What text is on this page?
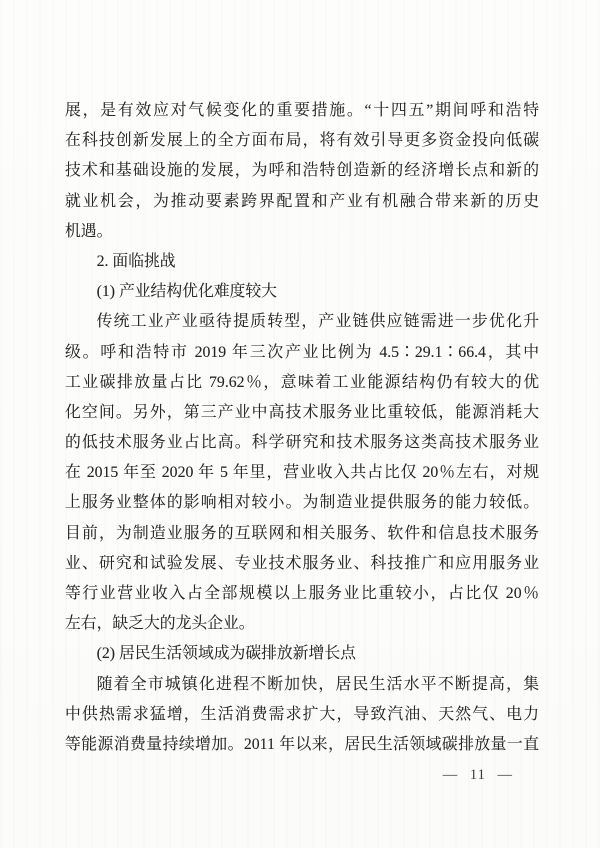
展，是有效应对气候变化的重要措施。“十四五”期间呼和浩特
在科技创新发展上的全方面布局，将有效引导更多资金投向低碳
技术和基础设施的发展，为呼和浩特创造新的经济增长点和新的
就业机会，为推动要素跨界配置和产业有机融合带来新的历史
机遇。
2. 面临挑战
(1) 产业结构优化难度较大
传统工业产业亟待提质转型，产业链供应链需进一步优化升
级。呼和浩特市 2019 年三次产业比例为 4.5∶29.1∶66.4，其中
工业碳排放量占比 79.62％，意味着工业能源结构仍有较大的优
化空间。另外，第三产业中高技术服务业比重较低，能源消耗大
的低技术服务业占比高。科学研究和技术服务这类高技术服务业
在 2015 年至 2020 年 5 年里，营业收入共占比仅 20％左右，对规
上服务业整体的影响相对较小。为制造业提供服务的能力较低。
目前，为制造业服务的互联网和相关服务、软件和信息技术服务
业、研究和试验发展、专业技术服务业、科技推广和应用服务业
等行业营业收入占全部规模以上服务业比重较小，占比仅 20％
左右，缺乏大的龙头企业。
(2) 居民生活领域成为碳排放新增长点
随着全市城镇化进程不断加快，居民生活水平不断提高，集
中供热需求猛增，生活消费需求扩大，导致汽油、天然气、电力
等能源消费量持续增加。2011 年以来，居民生活领域碳排放量一直
— 11 —
